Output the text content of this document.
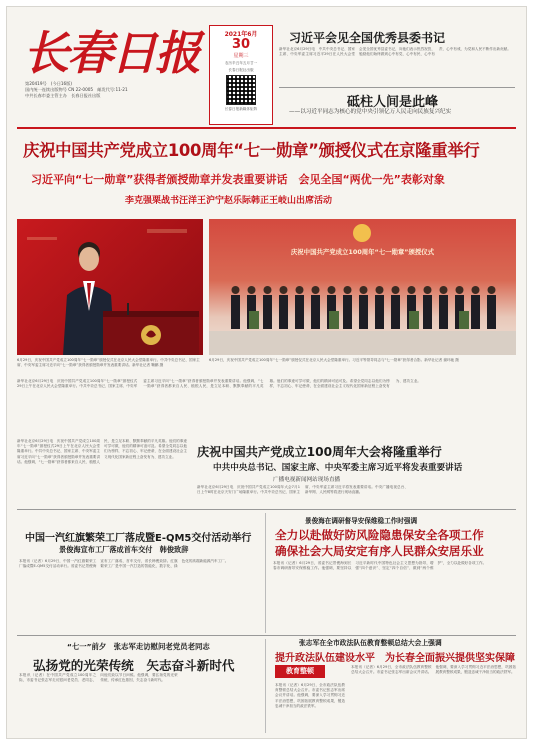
长春日报
第20419号　(今日16版)
国内统一连续出版物号 CN 22-0005　邮发代号:11-21
中共长春市委主管主办　长春日报社出版
2021年6月
30
星期三
农历辛丑年五月廿一
长春日报社出版
长春日报新媒体矩阵
习近平会见全国优秀县委书记
新华社北京6月29日电　中共中央总书记、国家主席、中央军委主席习近平29日在人民大会堂会见全国优秀县委书记，向他们表示热烈祝贺，勉励他们始终做到心中有党、心中有民、心中有责、心中有戒，为党和人民不断作出新贡献。
砥柱人间是此峰
——以习近平同志为核心的党中央引领亿万人民走向民族复兴纪实
庆祝中国共产党成立100周年“七一勋章”颁授仪式在京隆重举行
习近平向“七一勋章”获得者颁授勋章并发表重要讲话　会见全国“两优一先”表彰对象
李克强栗战书汪洋王沪宁赵乐际韩正王岐山出席活动
庆祝中国共产党成立100周年“七一勋章”颁授仪式
6月29日，庆祝中国共产党成立100周年“七一勋章”颁授仪式在北京人民大会堂隆重举行。中共中央总书记、国家主席、中央军委主席习近平向“七一勋章”获得者颁授勋章并发表重要讲话。新华社记者 鞠鹏 摄
6月29日，庆祝中国共产党成立100周年“七一勋章”颁授仪式在北京人民大会堂隆重举行。习近平等领导同志与“七一勋章”获得者合影。新华社记者 谢环驰 摄
新华社北京6月29日电　庆祝中国共产党成立100周年“七一勋章”颁授仪式29日上午在北京人民大会堂隆重举行。中共中央总书记、国家主席、中央军委主席习近平向“七一勋章”获得者颁授勋章并发表重要讲话。他强调，“七一勋章”获得者都来自人民、植根人民，是立足本职、默默奉献的平凡英雄。他们的事迹可学可做，他们的精神可追可及。希望全党同志以他们为榜样，不忘初心、牢记使命，在全面建设社会主义现代化国家新征程上奋发有为、建功立业。
庆祝中国共产党成立100周年大会将隆重举行
中共中央总书记、国家主席、中央军委主席习近平将发表重要讲话
广播电视新闻网站现场直播
新华社北京6月29日电　庆祝中国共产党成立100周年“七一勋章”颁授仪式29日上午在北京人民大会堂隆重举行。中共中央总书记、国家主席、中央军委主席习近平向“七一勋章”获得者颁授勋章并发表重要讲话。他强调，“七一勋章”获得者都来自人民、植根人民，是立足本职、默默奉献的平凡英雄。他们的事迹可学可做，他们的精神可追可及。希望全党同志以他们为榜样，不忘初心、牢记使命，在全面建设社会主义现代化国家新征程上奋发有为、建功立业。
新华社北京6月29日电　庆祝中国共产党成立100周年大会7月1日上午8时在北京天安门广场隆重举行。中共中央总书记、国家主席、中央军委主席习近平将发表重要讲话。中央广播电视总台、新华网、人民网等将进行现场直播。
中国一汽红旗繁荣工厂落成暨E-QM5交付活动举行
景俊海宣布工厂落成首车交付　韩俊致辞
本报讯（记者）6月29日，中国一汽红旗繁荣工厂落成暨E-QM5交付活动举行。省委书记景俊海宣布工厂落成、首车交付，省长韩俊致辞。红旗繁荣工厂是中国一汽打造的智能化、数字化、绿色化的高端新能源汽车工厂。
景俊海在调研督导安保维稳工作时强调
全力以赴做好防风险隐患保安全各项工作
确保社会大局安定有序人民群众安居乐业
本报讯（记者）6月29日，省委书记景俊海到长春市调研督导安保维稳工作。他强调，要坚持以习近平新时代中国特色社会主义思想为指导，增强“四个意识”、坚定“四个自信”、做到“两个维护”，全力以赴做好各项工作。
“七一”前夕　张志军走访慰问老党员老同志
弘扬党的光荣传统　矢志奋斗新时代
本报讯（记者）在中国共产党成立100周年之际，市委书记张志军走访慰问老党员、老同志，向他们致以节日问候。他强调，要弘扬党的光荣传统，传承红色基因，矢志奋斗新时代。
张志军在全市政法队伍教育整顿总结大会上强调
提升政法队伍建设水平　为长春全面振兴提供坚实保障
教育整顿
本报讯（记者）6月29日，全市政法队伍教育整顿总结大会召开。市委书记张志军出席会议并讲话。他强调，要深入学习贯彻习近平法治思想，巩固拓展教育整顿成果，锻造忠诚干净担当的政法铁军。
本报讯（记者）6月29日，全市政法队伍教育整顿总结大会召开。市委书记张志军出席会议并讲话。他强调，要深入学习贯彻习近平法治思想，巩固拓展教育整顿成果，锻造忠诚干净担当的政法铁军。
